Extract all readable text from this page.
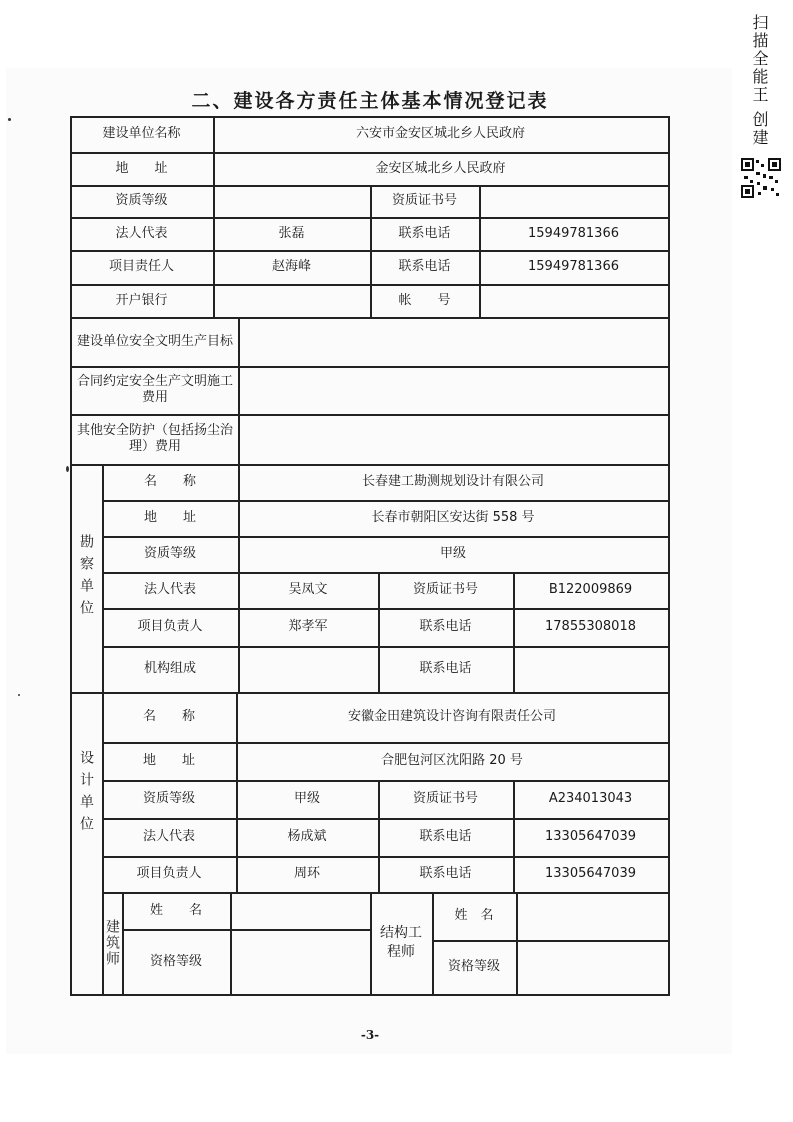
扫描全能王 创建
二、建设各方责任主体基本情况登记表
建设单位名称	六安市金安区城北乡人民政府
地　　址	金安区城北乡人民政府
资质等级	资质证书号
法人代表	张磊	联系电话	15949781366
项目责任人	赵海峰	联系电话	15949781366
开户银行	帐　　号
建设单位安全文明生产目标
合同约定安全生产文明施工费用
其他安全防护（包括扬尘治理）费用
勘察单位
名　　称	长春建工勘测规划设计有限公司
地　　址	长春市朝阳区安达街 558 号
资质等级	甲级
法人代表	吴凤文	资质证书号	B122009869
项目负责人	郑孝军	联系电话	17855308018
机构组成	联系电话
设计单位
名　　称	安徽金田建筑设计咨询有限责任公司
地　　址	合肥包河区沈阳路 20 号
资质等级	甲级	资质证书号	A234013043
法人代表	杨成斌	联系电话	13305647039
项目负责人	周环	联系电话	13305647039
建筑师
姓　　名
资格等级
结构工程师
姓　名
资格等级
-3-
